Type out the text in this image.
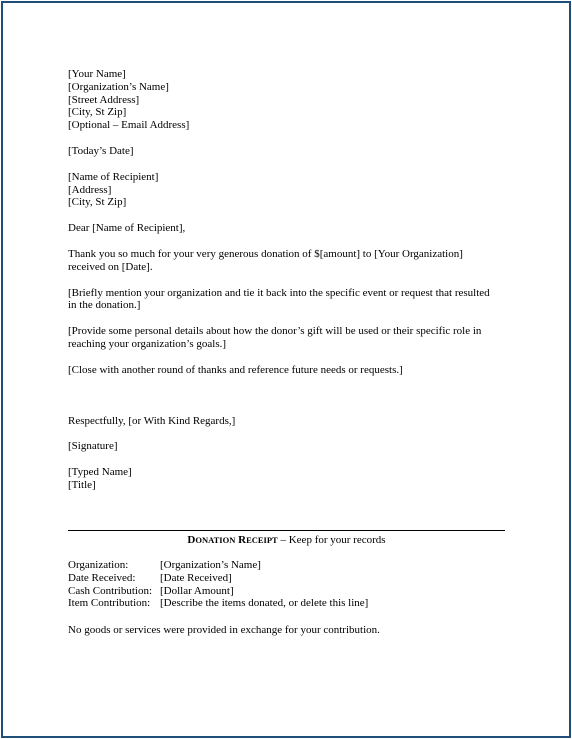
[Your Name]
[Organization’s Name]
[Street Address]
[City, St Zip]
[Optional – Email Address]
[Today’s Date]
[Name of Recipient]
[Address]
[City, St Zip]
Dear [Name of Recipient],
Thank you so much for your very generous donation of $[amount] to [Your Organization]
received on [Date].
[Briefly mention your organization and tie it back into the specific event or request that resulted
in the donation.]
[Provide some personal details about how the donor’s gift will be used or their specific role in
reaching your organization’s goals.]
[Close with another round of thanks and reference future needs or requests.]
Respectfully, [or With Kind Regards,]
[Signature]
[Typed Name]
[Title]
DONATION RECEIPT – Keep for your records
Organization:	[Organization’s Name]
Date Received:	[Date Received]
Cash Contribution: [Dollar Amount]
Item Contribution: [Describe the items donated, or delete this line]
No goods or services were provided in exchange for your contribution.
